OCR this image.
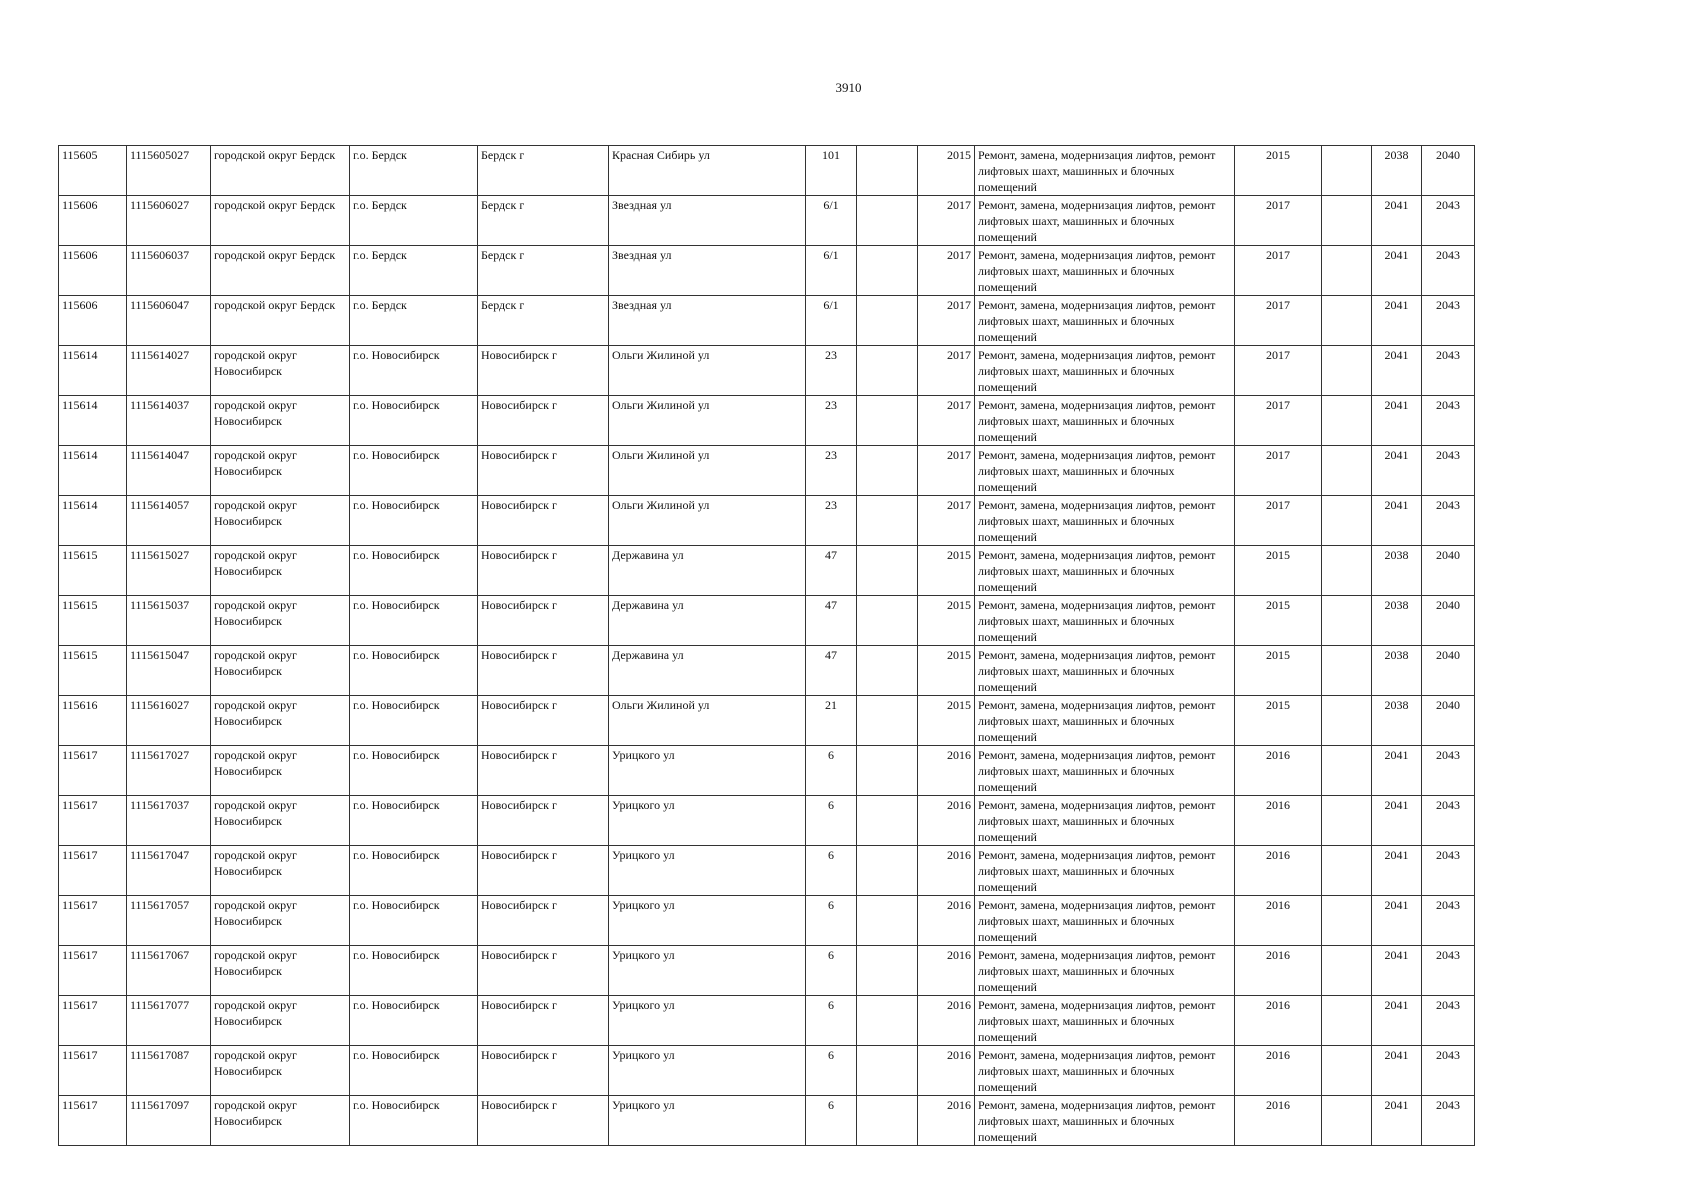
3910
115605	1115605027	городской округ Бердск	г.о. Бердск	Бердск г	Красная Сибирь ул	101		2015	Ремонт, замена, модернизация лифтов, ремонт лифтовых шахт, машинных и блочных помещений	2015		2038	2040
115606	1115606027	городской округ Бердск	г.о. Бердск	Бердск г	Звездная ул	6/1		2017	Ремонт, замена, модернизация лифтов, ремонт лифтовых шахт, машинных и блочных помещений	2017		2041	2043
115606	1115606037	городской округ Бердск	г.о. Бердск	Бердск г	Звездная ул	6/1		2017	Ремонт, замена, модернизация лифтов, ремонт лифтовых шахт, машинных и блочных помещений	2017		2041	2043
115606	1115606047	городской округ Бердск	г.о. Бердск	Бердск г	Звездная ул	6/1		2017	Ремонт, замена, модернизация лифтов, ремонт лифтовых шахт, машинных и блочных помещений	2017		2041	2043
115614	1115614027	городской округ Новосибирск	г.о. Новосибирск	Новосибирск г	Ольги Жилиной ул	23		2017	Ремонт, замена, модернизация лифтов, ремонт лифтовых шахт, машинных и блочных помещений	2017		2041	2043
115614	1115614037	городской округ Новосибирск	г.о. Новосибирск	Новосибирск г	Ольги Жилиной ул	23		2017	Ремонт, замена, модернизация лифтов, ремонт лифтовых шахт, машинных и блочных помещений	2017		2041	2043
115614	1115614047	городской округ Новосибирск	г.о. Новосибирск	Новосибирск г	Ольги Жилиной ул	23		2017	Ремонт, замена, модернизация лифтов, ремонт лифтовых шахт, машинных и блочных помещений	2017		2041	2043
115614	1115614057	городской округ Новосибирск	г.о. Новосибирск	Новосибирск г	Ольги Жилиной ул	23		2017	Ремонт, замена, модернизация лифтов, ремонт лифтовых шахт, машинных и блочных помещений	2017		2041	2043
115615	1115615027	городской округ Новосибирск	г.о. Новосибирск	Новосибирск г	Державина ул	47		2015	Ремонт, замена, модернизация лифтов, ремонт лифтовых шахт, машинных и блочных помещений	2015		2038	2040
115615	1115615037	городской округ Новосибирск	г.о. Новосибирск	Новосибирск г	Державина ул	47		2015	Ремонт, замена, модернизация лифтов, ремонт лифтовых шахт, машинных и блочных помещений	2015		2038	2040
115615	1115615047	городской округ Новосибирск	г.о. Новосибирск	Новосибирск г	Державина ул	47		2015	Ремонт, замена, модернизация лифтов, ремонт лифтовых шахт, машинных и блочных помещений	2015		2038	2040
115616	1115616027	городской округ Новосибирск	г.о. Новосибирск	Новосибирск г	Ольги Жилиной ул	21		2015	Ремонт, замена, модернизация лифтов, ремонт лифтовых шахт, машинных и блочных помещений	2015		2038	2040
115617	1115617027	городской округ Новосибирск	г.о. Новосибирск	Новосибирск г	Урицкого ул	6		2016	Ремонт, замена, модернизация лифтов, ремонт лифтовых шахт, машинных и блочных помещений	2016		2041	2043
115617	1115617037	городской округ Новосибирск	г.о. Новосибирск	Новосибирск г	Урицкого ул	6		2016	Ремонт, замена, модернизация лифтов, ремонт лифтовых шахт, машинных и блочных помещений	2016		2041	2043
115617	1115617047	городской округ Новосибирск	г.о. Новосибирск	Новосибирск г	Урицкого ул	6		2016	Ремонт, замена, модернизация лифтов, ремонт лифтовых шахт, машинных и блочных помещений	2016		2041	2043
115617	1115617057	городской округ Новосибирск	г.о. Новосибирск	Новосибирск г	Урицкого ул	6		2016	Ремонт, замена, модернизация лифтов, ремонт лифтовых шахт, машинных и блочных помещений	2016		2041	2043
115617	1115617067	городской округ Новосибирск	г.о. Новосибирск	Новосибирск г	Урицкого ул	6		2016	Ремонт, замена, модернизация лифтов, ремонт лифтовых шахт, машинных и блочных помещений	2016		2041	2043
115617	1115617077	городской округ Новосибирск	г.о. Новосибирск	Новосибирск г	Урицкого ул	6		2016	Ремонт, замена, модернизация лифтов, ремонт лифтовых шахт, машинных и блочных помещений	2016		2041	2043
115617	1115617087	городской округ Новосибирск	г.о. Новосибирск	Новосибирск г	Урицкого ул	6		2016	Ремонт, замена, модернизация лифтов, ремонт лифтовых шахт, машинных и блочных помещений	2016		2041	2043
115617	1115617097	городской округ Новосибирск	г.о. Новосибирск	Новосибирск г	Урицкого ул	6		2016	Ремонт, замена, модернизация лифтов, ремонт лифтовых шахт, машинных и блочных помещений	2016		2041	2043
